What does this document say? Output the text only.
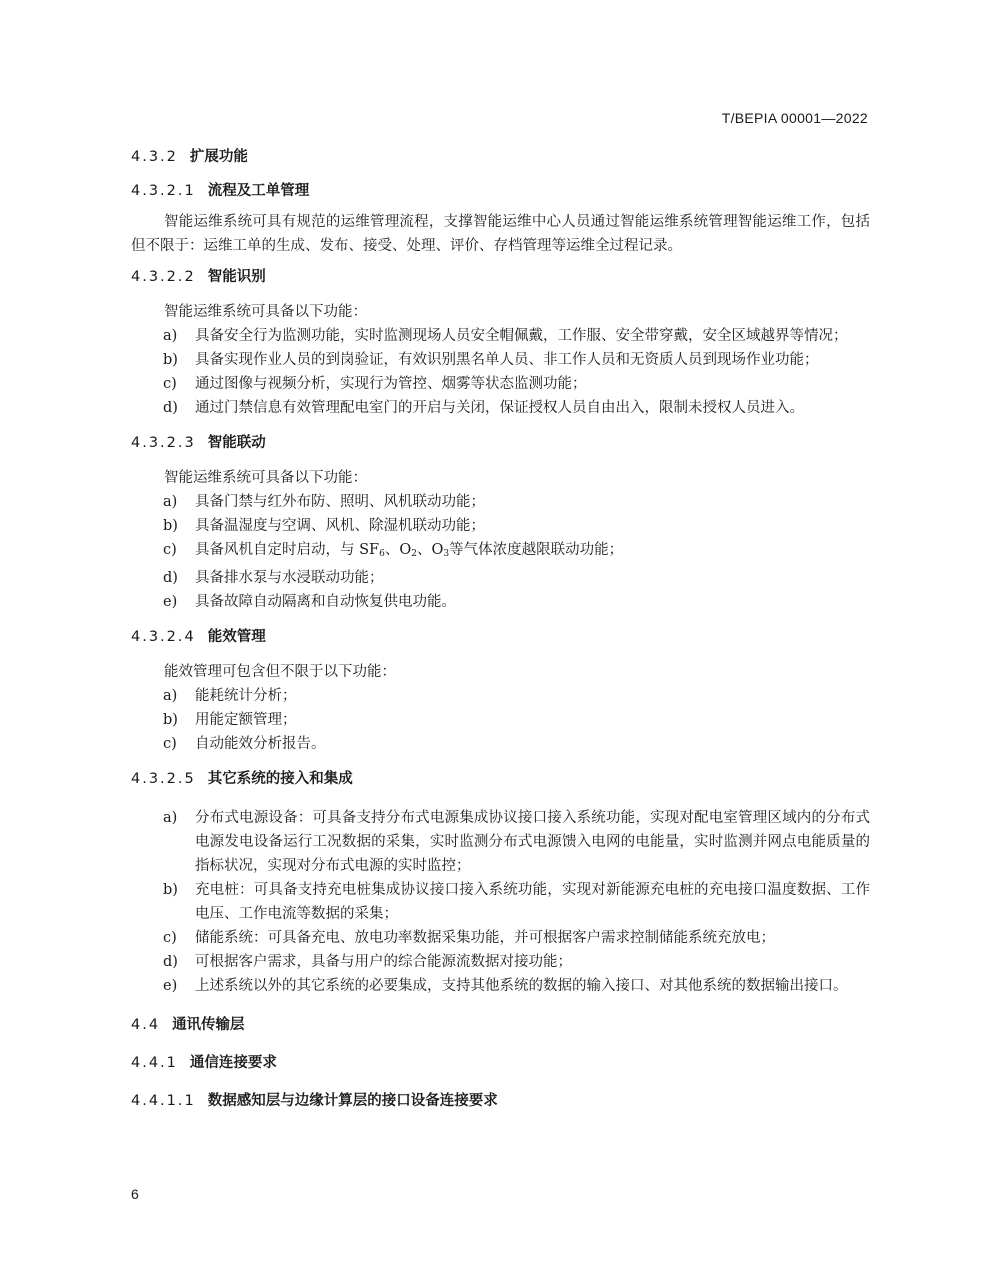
T/BEPIA 00001—2022
4.3.2 扩展功能
4.3.2.1 流程及工单管理

智能运维系统可具有规范的运维管理流程，支撑智能运维中心人员通过智能运维系统管理智能运维工作，包括但不限于：运维工单的生成、发布、接受、处理、评价、存档管理等运维全过程记录。

4.3.2.2 智能识别

智能运维系统可具备以下功能：

a) 具备安全行为监测功能，实时监测现场人员安全帽佩戴，工作服、安全带穿戴，安全区域越界等情况；
b) 具备实现作业人员的到岗验证，有效识别黑名单人员、非工作人员和无资质人员到现场作业功能；
c) 通过图像与视频分析，实现行为管控、烟雾等状态监测功能；
d) 通过门禁信息有效管理配电室门的开启与关闭，保证授权人员自由出入，限制未授权人员进入。
4.3.2.3 智能联动

智能运维系统可具备以下功能：

a) 具备门禁与红外布防、照明、风机联动功能；
b) 具备温湿度与空调、风机、除湿机联动功能；
c) 具备风机自定时启动，与 $SF_6$、$O_2$、$O_3$等气体浓度越限联动功能；
d) 具备排水泵与水浸联动功能；
e) 具备故障自动隔离和自动恢复供电功能。
4.3.2.4 能效管理

能效管理可包含但不限于以下功能：

a) 能耗统计分析；
b) 用能定额管理；
c) 自动能效分析报告。
4.3.2.5 其它系统的接入和集成
a) 分布式电源设备：可具备支持分布式电源集成协议接口接入系统功能，实现对配电室管理区域内的分布式电源发电设备运行工况数据的采集，实时监测分布式电源馈入电网的电能量，实时监测并网点电能质量的指标状况，实现对分布式电源的实时监控；
b) 充电桩：可具备支持充电桩集成协议接口接入系统功能，实现对新能源充电桩的充电接口温度数据、工作电压、工作电流等数据的采集；
c) 储能系统：可具备充电、放电功率数据采集功能，并可根据客户需求控制储能系统充放电；
d) 可根据客户需求，具备与用户的综合能源流数据对接功能；
e) 上述系统以外的其它系统的必要集成，支持其他系统的数据的输入接口、对其他系统的数据输出接口。
4.4 通讯传输层
4.4.1 通信连接要求
4.4.1.1 数据感知层与边缘计算层的接口设备连接要求
6
